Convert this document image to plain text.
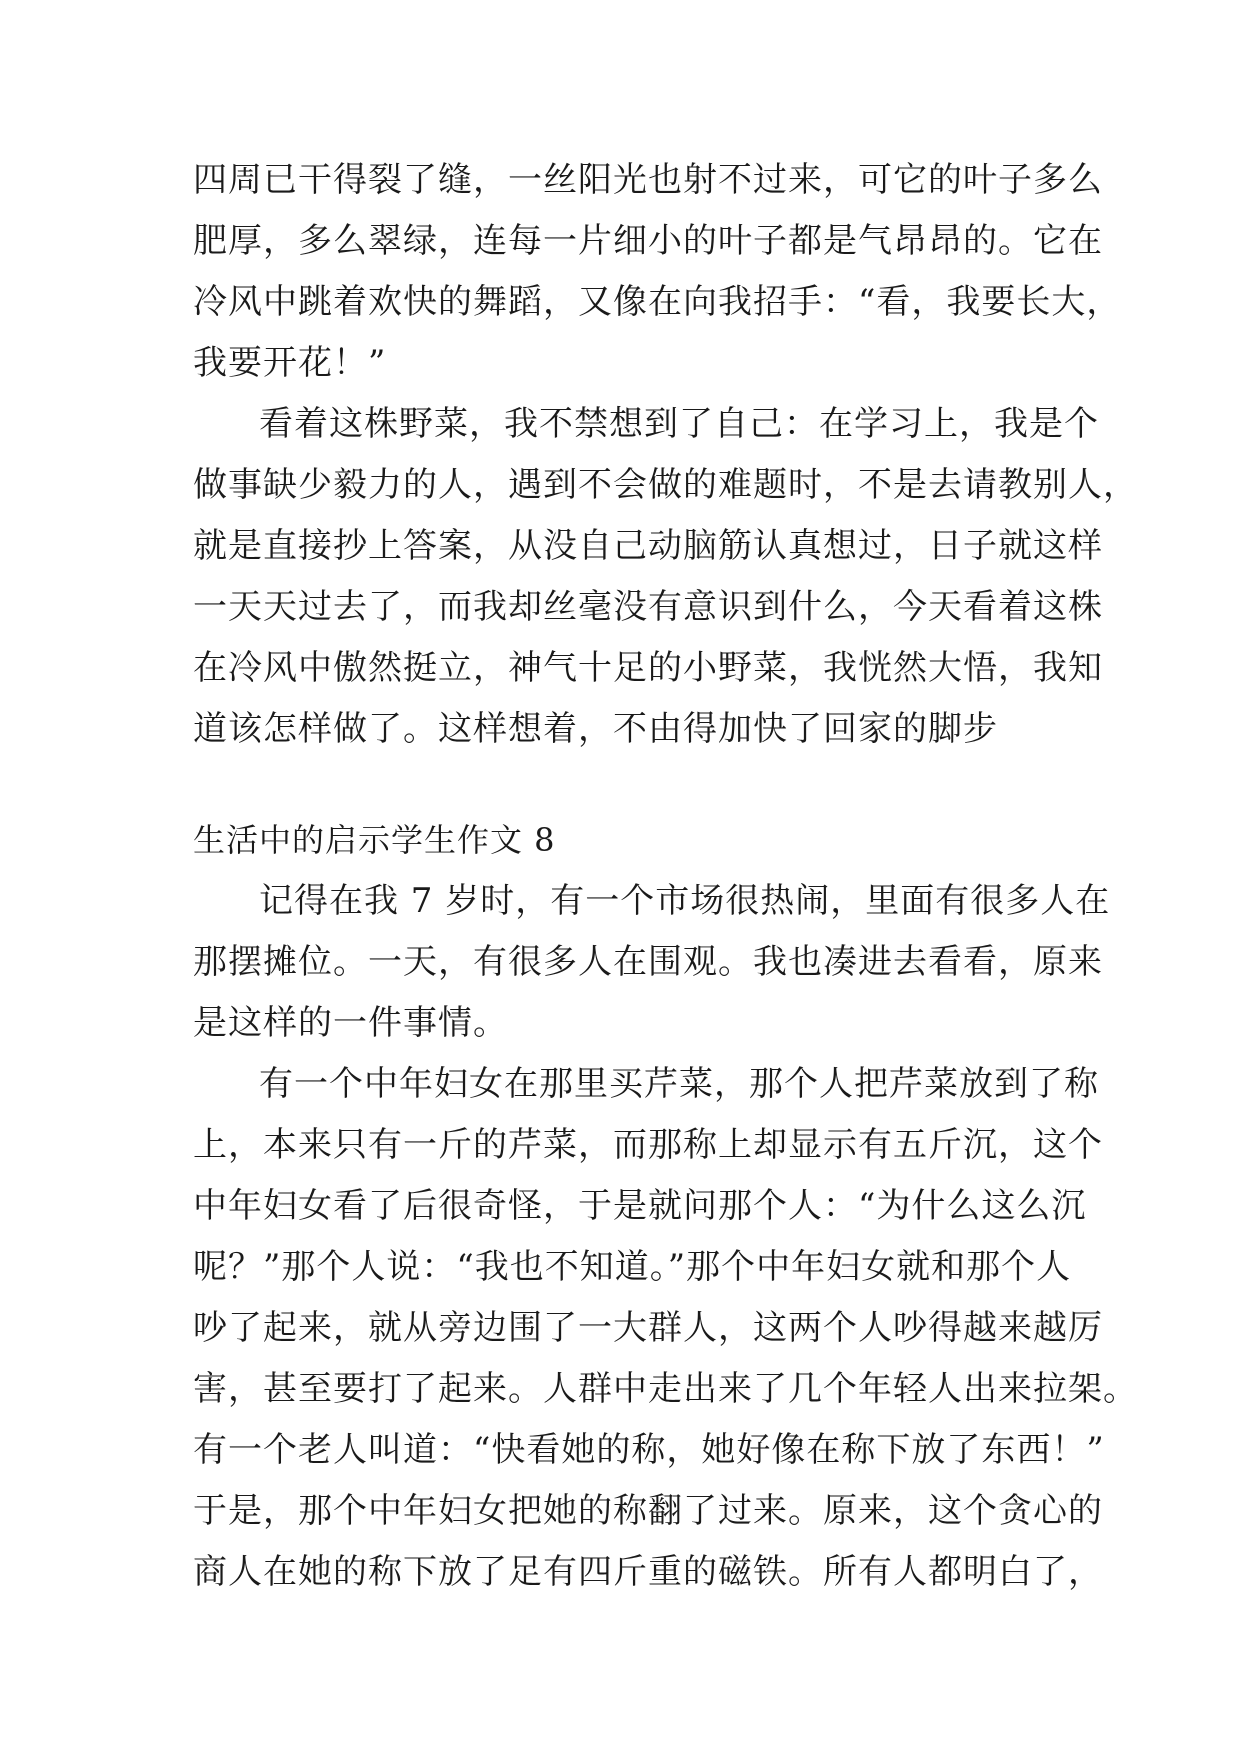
四周已干得裂了缝，一丝阳光也射不过来，可它的叶子多么
肥厚，多么翠绿，连每一片细小的叶子都是气昂昂的。它在
冷风中跳着欢快的舞蹈，又像在向我招手：“看，我要长大，
我要开花！”
看着这株野菜，我不禁想到了自己：在学习上，我是个
做事缺少毅力的人，遇到不会做的难题时，不是去请教别人，
就是直接抄上答案，从没自己动脑筋认真想过，日子就这样
一天天过去了，而我却丝毫没有意识到什么，今天看着这株
在冷风中傲然挺立，神气十足的小野菜，我恍然大悟，我知
道该怎样做了。这样想着，不由得加快了回家的脚步
生活中的启示学生作文 8
记得在我 7 岁时，有一个市场很热闹，里面有很多人在
那摆摊位。一天，有很多人在围观。我也凑进去看看，原来
是这样的一件事情。
有一个中年妇女在那里买芹菜，那个人把芹菜放到了称
上，本来只有一斤的芹菜，而那称上却显示有五斤沉，这个
中年妇女看了后很奇怪，于是就问那个人：“为什么这么沉
呢？”那个人说：“我也不知道。”那个中年妇女就和那个人
吵了起来，就从旁边围了一大群人，这两个人吵得越来越厉
害，甚至要打了起来。人群中走出来了几个年轻人出来拉架。
有一个老人叫道：“快看她的称，她好像在称下放了东西！”
于是，那个中年妇女把她的称翻了过来。原来，这个贪心的
商人在她的称下放了足有四斤重的磁铁。所有人都明白了，
